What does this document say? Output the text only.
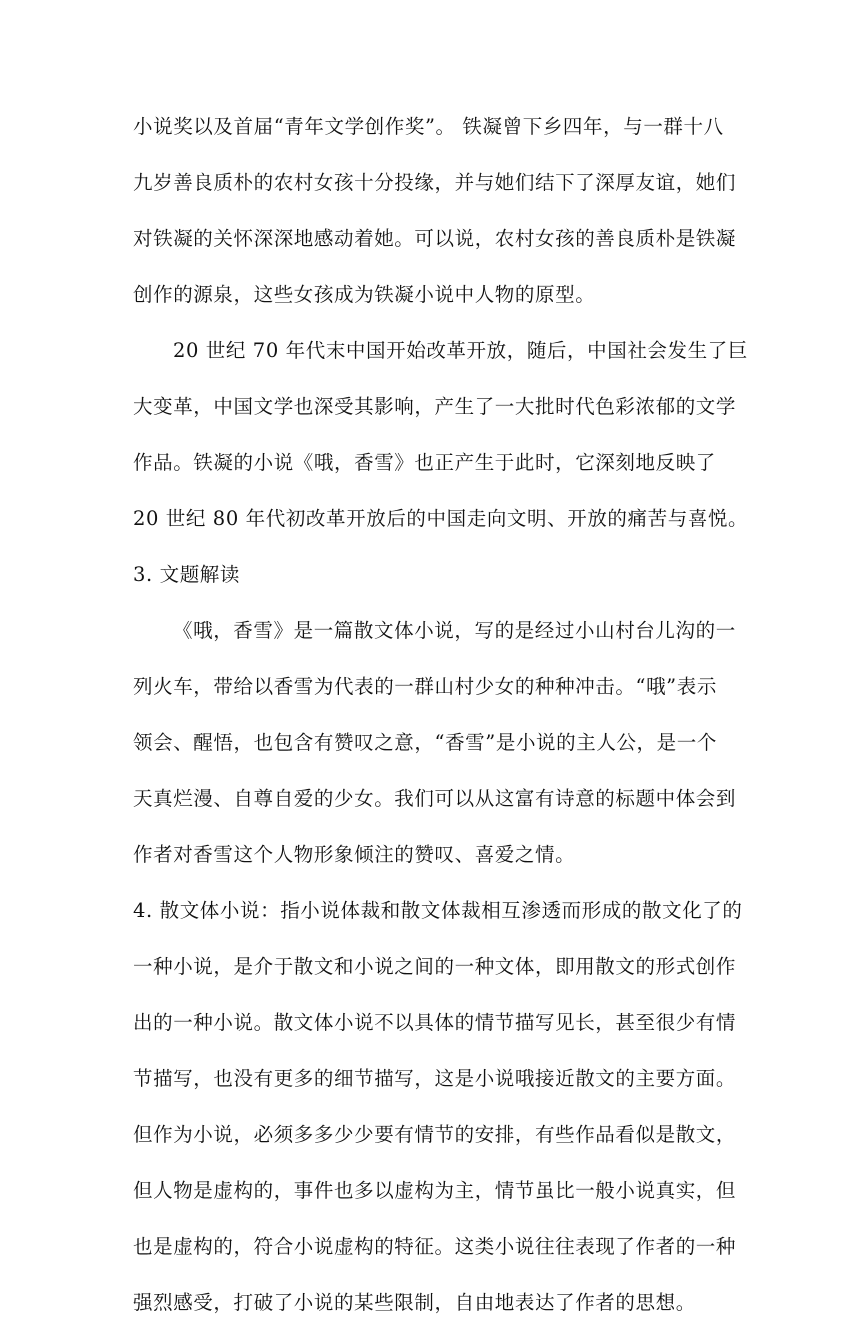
小说奖以及首届“青年文学创作奖”。 铁凝曾下乡四年，与一群十八
九岁善良质朴的农村女孩十分投缘，并与她们结下了深厚友谊，她们
对铁凝的关怀深深地感动着她。可以说，农村女孩的善良质朴是铁凝
创作的源泉，这些女孩成为铁凝小说中人物的原型。
20 世纪 70 年代末中国开始改革开放，随后，中国社会发生了巨
大变革，中国文学也深受其影响，产生了一大批时代色彩浓郁的文学
作品。铁凝的小说《哦，香雪》也正产生于此时，它深刻地反映了
20 世纪 80 年代初改革开放后的中国走向文明、开放的痛苦与喜悦。
3. 文题解读
《哦，香雪》是一篇散文体小说，写的是经过小山村台儿沟的一
列火车，带给以香雪为代表的一群山村少女的种种冲击。“哦”表示
领会、醒悟，也包含有赞叹之意，“香雪”是小说的主人公，是一个
天真烂漫、自尊自爱的少女。我们可以从这富有诗意的标题中体会到
作者对香雪这个人物形象倾注的赞叹、喜爱之情。
4. 散文体小说：指小说体裁和散文体裁相互渗透而形成的散文化了的
一种小说，是介于散文和小说之间的一种文体，即用散文的形式创作
出的一种小说。散文体小说不以具体的情节描写见长，甚至很少有情
节描写，也没有更多的细节描写，这是小说哦接近散文的主要方面。
但作为小说，必须多多少少要有情节的安排，有些作品看似是散文，
但人物是虚构的，事件也多以虚构为主，情节虽比一般小说真实，但
也是虚构的，符合小说虚构的特征。这类小说往往表现了作者的一种
强烈感受，打破了小说的某些限制，自由地表达了作者的思想。
